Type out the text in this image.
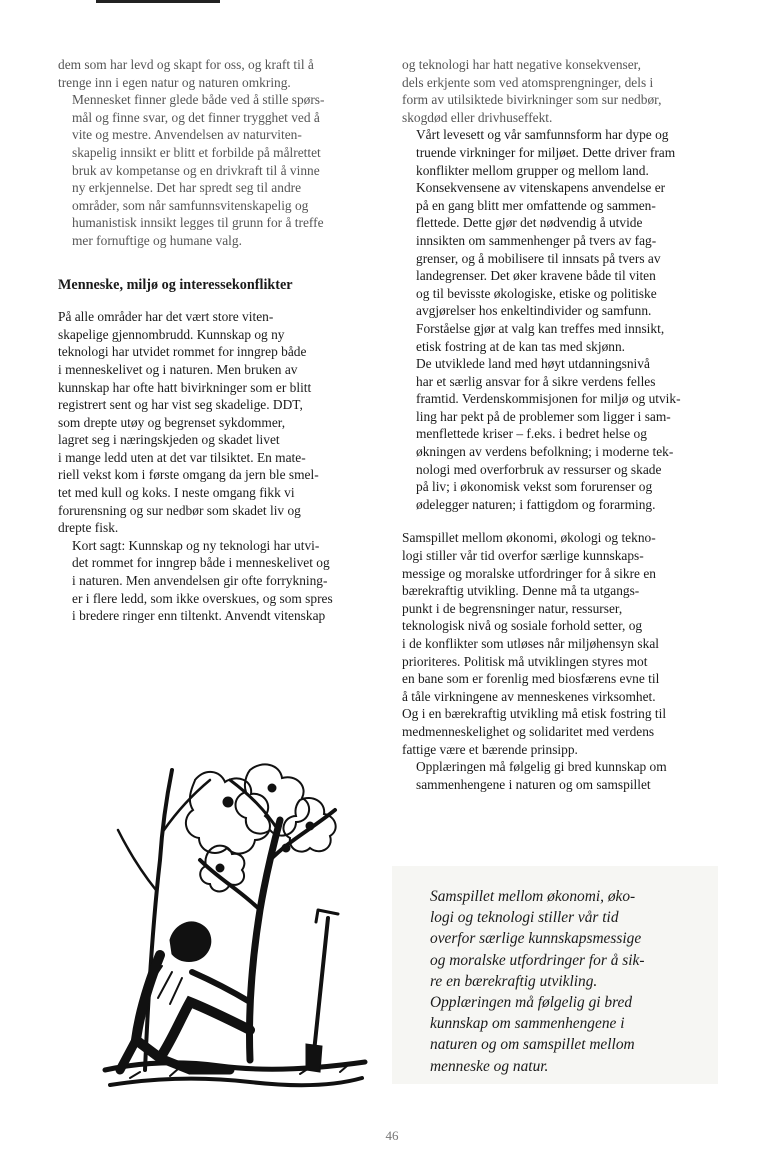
dem som har levd og skapt for oss, og kraft til å
trenge inn i egen natur og naturen omkring.

Mennesket finner glede både ved å stille spørs-
mål og finne svar, og det finner trygghet ved å
vite og mestre. Anvendelsen av naturviten-
skapelig innsikt er blitt et forbilde på målrettet
bruk av kompetanse og en drivkraft til å vinne
ny erkjennelse. Det har spredt seg til andre
områder, som når samfunnsvitenskapelig og
humanistisk innsikt legges til grunn for å treffe
mer fornuftige og humane valg.

Menneske, miljø og interessekonflikter

På alle områder har det vært store viten-
skapelige gjennombrudd. Kunnskap og ny
teknologi har utvidet rommet for inngrep både
i menneskelivet og i naturen. Men bruken av
kunnskap har ofte hatt bivirkninger som er blitt
registrert sent og har vist seg skadelige. DDT,
som drepte utøy og begrenset sykdommer,
lagret seg i næringskjeden og skadet livet
i mange ledd uten at det var tilsiktet. En mate-
riell vekst kom i første omgang da jern ble smel-
tet med kull og koks. I neste omgang fikk vi
forurensning og sur nedbør som skadet liv og
drepte fisk.

Kort sagt: Kunnskap og ny teknologi har utvi-
det rommet for inngrep både i menneskelivet og
i naturen. Men anvendelsen gir ofte forrykning-
er i flere ledd, som ikke overskues, og som spres
i bredere ringer enn tiltenkt. Anvendt vitenskap

og teknologi har hatt negative konsekvenser,
dels erkjente som ved atomsprengninger, dels i
form av utilsiktede bivirkninger som sur nedbør,
skogdød eller drivhuseffekt.

Vårt levesett og vår samfunnsform har dype og
truende virkninger for miljøet. Dette driver fram
konflikter mellom grupper og mellom land.
Konsekvensene av vitenskapens anvendelse er
på en gang blitt mer omfattende og sammen-
flettede. Dette gjør det nødvendig å utvide
innsikten om sammenhenger på tvers av fag-
grenser, og å mobilisere til innsats på tvers av
landegrenser. Det øker kravene både til viten
og til bevisste økologiske, etiske og politiske
avgjørelser hos enkeltindivider og samfunn.
Forståelse gjør at valg kan treffes med innsikt,
etisk fostring at de kan tas med skjønn.

De utviklede land med høyt utdanningsnivå
har et særlig ansvar for å sikre verdens felles
framtid. Verdenskommisjonen for miljø og utvik-
ling har pekt på de problemer som ligger i sam-
menflettede kriser – f.eks. i bedret helse og
økningen av verdens befolkning; i moderne tek-
nologi med overforbruk av ressurser og skade
på liv; i økonomisk vekst som forurenser og
ødelegger naturen; i fattigdom og forarming.

Samspillet mellom økonomi, økologi og tekno-
logi stiller vår tid overfor særlige kunnskaps-
messige og moralske utfordringer for å sikre en
bærekraftig utvikling. Denne må ta utgangs-
punkt i de begrensninger natur, ressurser,
teknologisk nivå og sosiale forhold setter, og
i de konflikter som utløses når miljøhensyn skal
prioriteres. Politisk må utviklingen styres mot
en bane som er forenlig med biosfærens evne til
å tåle virkningene av menneskenes virksomhet.
Og i en bærekraftig utvikling må etisk fostring til
medmenneskelighet og solidaritet med verdens
fattige være et bærende prinsipp.

Opplæringen må følgelig gi bred kunnskap om
sammenhengene i naturen og om samspillet

Samspillet mellom økonomi, øko-
logi og teknologi stiller vår tid
overfor særlige kunnskapsmessige
og moralske utfordringer for å sik-
re en bærekraftig utvikling.
Opplæringen må følgelig gi bred
kunnskap om sammenhengene i
naturen og om samspillet mellom
menneske og natur.
46
